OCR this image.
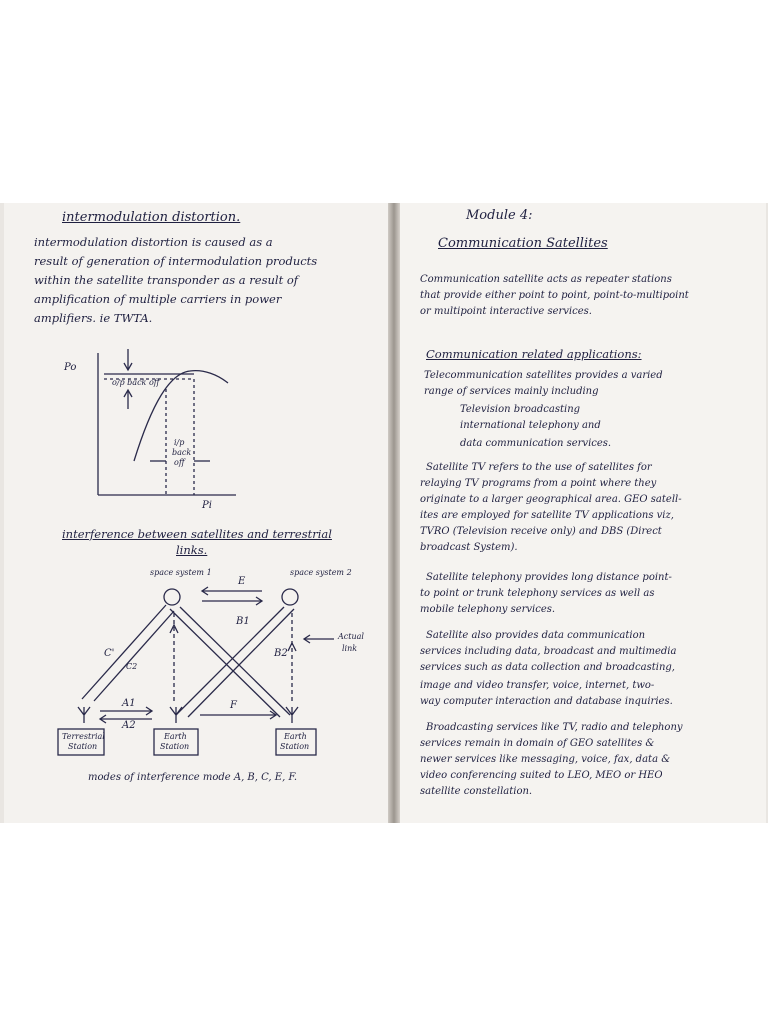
intermodulation distortion.
intermodulation distortion is caused as a
result of generation of intermodulation products
within the satellite transponder as a result of
amplification of multiple carriers in power
amplifiers. ie TWTA.
Po
o/p back off
i/p
back
off
Pi
interference between satellites and terrestrial
links.
space system 1	space system 2
E
B1
B2
C'
C2
Actual
link
A1
A2
F
Terrestrial
Station
Earth
Station
Earth
Station
modes of interference mode A, B, C, E, F.
Module 4:
Communication Satellites
Communication satellite acts as repeater stations
that provide either point to point, point-to-multipoint
or multipoint interactive services.
Communication related applications:
Telecommunication satellites provides a varied
range of services mainly including
Television broadcasting
international telephony and
data communication services.
Satellite TV refers to the use of satellites for
relaying TV programs from a point where they
originate to a larger geographical area. GEO satell-
ites are employed for satellite TV applications viz,
TVRO (Television receive only) and DBS (Direct
broadcast System).
Satellite telephony provides long distance point-
to point or trunk telephony services as well as
mobile telephony services.
Satellite also provides data communication
services including data, broadcast and multimedia
services such as data collection and broadcasting,
image and video transfer, voice, internet, two-
way computer interaction and database inquiries.
Broadcasting services like TV, radio and telephony
services remain in domain of GEO satellites &
newer services like messaging, voice, fax, data &
video conferencing suited to LEO, MEO or HEO
satellite constellation.
